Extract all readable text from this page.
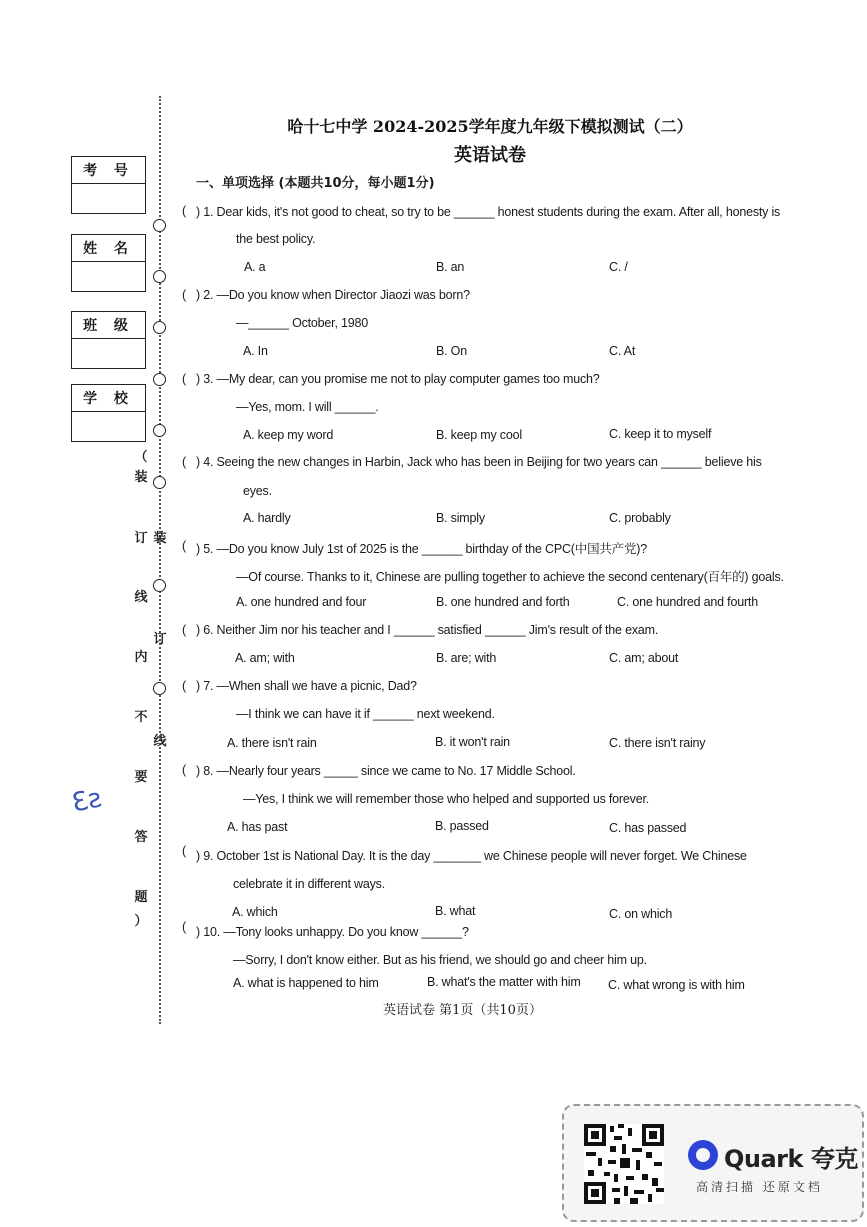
考 号
姓 名
班 级
学 校
（
装
订
线
内
不
要
答
题
）
装
订
线
哈十七中学 2024-2025学年度九年级下模拟测试（二）
英语试卷
一、单项选择 (本题共10分，每小题1分)
( ) 1. Dear kids, it's not good to cheat, so try to be ______ honest students during the exam. After all, honesty is
the best policy.
A. a	B. an	C. /
( ) 2. —Do you know when Director Jiaozi was born?
—______ October, 1980
A. In	B. On	C. At
( ) 3. —My dear, can you promise me not to play computer games too much?
—Yes, mom. I will ______.
A. keep my word	B. keep my cool	C. keep it to myself
( ) 4. Seeing the new changes in Harbin, Jack who has been in Beijing for two years can ______ believe his
eyes.
A. hardly	B. simply	C. probably
( ) 5. —Do you know July 1st of 2025 is the ______ birthday of the CPC(中国共产党)?
—Of course. Thanks to it, Chinese are pulling together to achieve the second centenary(百年的) goals.
A. one hundred and four	B. one hundred and forth	C. one hundred and fourth
( ) 6. Neither Jim nor his teacher and I ______ satisfied ______ Jim's result of the exam.
A. am; with	B. are; with	C. am; about
( ) 7. —When shall we have a picnic, Dad?
—I think we can have it if ______ next weekend.
A. there isn't rain	B. it won't rain	C. there isn't rainy
( ) 8. —Nearly four years _____ since we came to No. 17 Middle School.
—Yes, I think we will remember those who helped and supported us forever.
A. has past	B. passed	C. has passed
( ) 9. October 1st is National Day. It is the day _______ we Chinese people will never forget. We Chinese
celebrate it in different ways.
A. which	B. what	C. on which
( ) 10. —Tony looks unhappy. Do you know ______?
—Sorry, I don't know either. But as his friend, we should go and cheer him up.
A. what is happened to him	B. what's the matter with him C. what wrong is with him
英语试卷 第1页（共10页）
Ɛƨ
Quark 夸克
高清扫描 还原文档
